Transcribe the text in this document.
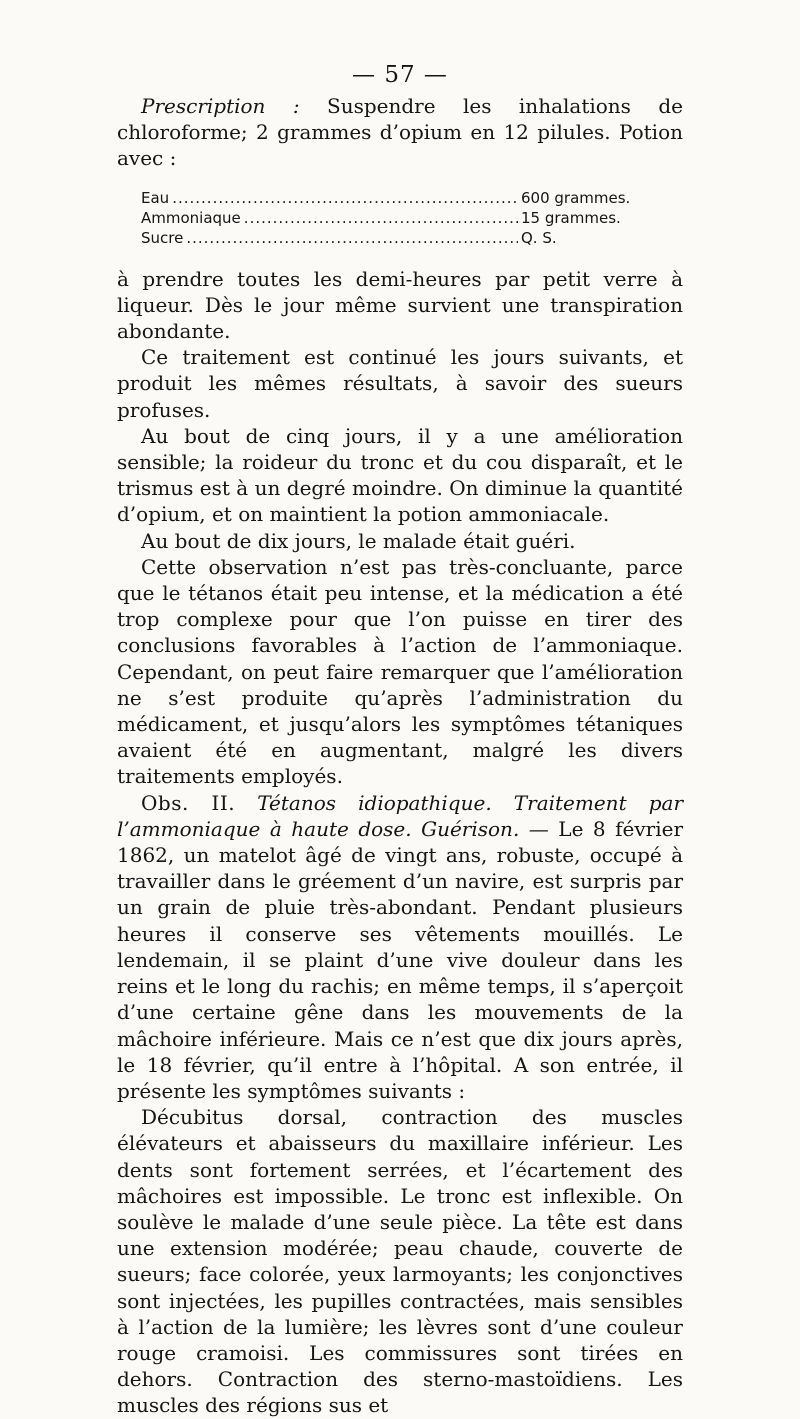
— 57 —

Prescription : Suspendre les inhalations de chloroforme; 2 grammes d’opium en 12 pilules. Potion avec :

Eau .....	600 grammes.
Ammoniaque .....	15 grammes.
Sucre .....	Q. S.

à prendre toutes les demi-heures par petit verre à liqueur. Dès le jour même survient une transpiration abondante.

Ce traitement est continué les jours suivants, et produit les mêmes résultats, à savoir des sueurs profuses.

Au bout de cinq jours, il y a une amélioration sensible; la roideur du tronc et du cou disparaît, et le trismus est à un degré moindre. On diminue la quantité d’opium, et on maintient la potion ammoniacale.

Au bout de dix jours, le malade était guéri.

Cette observation n’est pas très-concluante, parce que le tétanos était peu intense, et la médication a été trop complexe pour que l’on puisse en tirer des conclusions favorables à l’action de l’ammoniaque. Cependant, on peut faire remarquer que l’amélioration ne s’est produite qu’après l’administration du médicament, et jusqu’alors les symptômes tétaniques avaient été en augmentant, malgré les divers traitements employés.

Obs. II. Tétanos idiopathique. Traitement par l’ammoniaque à haute dose. Guérison. — Le 8 février 1862, un matelot âgé de vingt ans, robuste, occupé à travailler dans le gréement d’un navire, est surpris par un grain de pluie très-abondant. Pendant plusieurs heures il conserve ses vêtements mouillés. Le lendemain, il se plaint d’une vive douleur dans les reins et le long du rachis; en même temps, il s’aperçoit d’une certaine gêne dans les mouvements de la mâchoire inférieure. Mais ce n’est que dix jours après, le 18 février, qu’il entre à l’hôpital. A son entrée, il présente les symptômes suivants :

Décubitus dorsal, contraction des muscles élévateurs et abaisseurs du maxillaire inférieur. Les dents sont fortement serrées, et l’écartement des mâchoires est impossible. Le tronc est inflexible. On soulève le malade d’une seule pièce. La tête est dans une extension modérée; peau chaude, couverte de sueurs; face colorée, yeux larmoyants; les conjonctives sont injectées, les pupilles contractées, mais sensibles à l’action de la lumière; les lèvres sont d’une couleur rouge cramoisi. Les commissures sont tirées en dehors. Contraction des sterno-mastoïdiens. Les muscles des régions sus et
